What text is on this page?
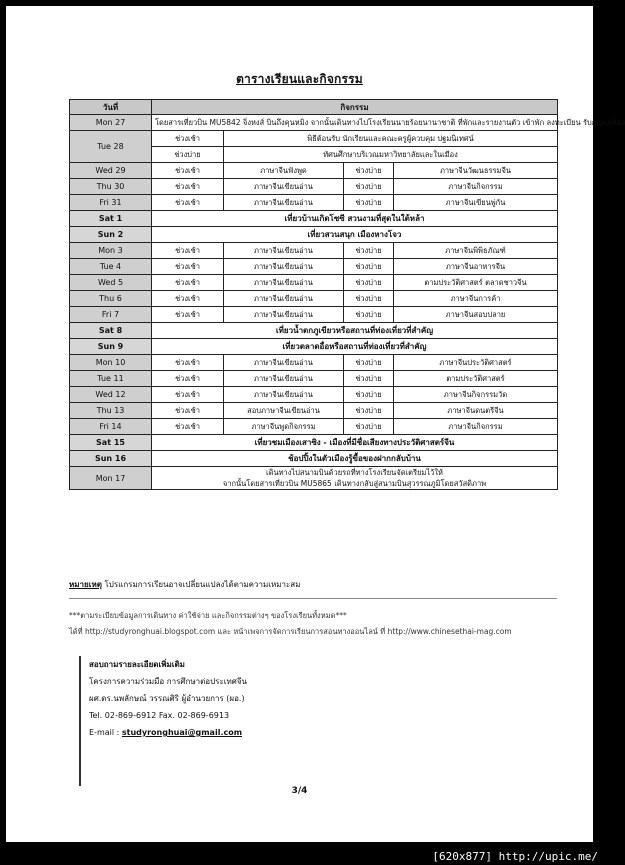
ตารางเรียนและกิจกรรม
วันที่	กิจกรรม			
Mon 27	โดยสารเที่ยวบิน MU5842 จิ่งหงส์ บินถึงคุนหมิง จากนั้นเดินทางไปโรงเรียนนายร้อยนานาชาติ ที่พักและรายงานตัว เข้าพัก ลงทะเบียน รับกุญแจห้อง			
Tue 28	ช่วงเช้า	พิธีต้อนรับ นักเรียนและคณะครูผู้ควบคุม ปฐมนิเทศน์		
	ช่วงบ่าย	ทัศนศึกษาบริเวณมหาวิทยาลัยและในเมือง		
Wed 29	ช่วงเช้า	ภาษาจีนฟังพูด	ช่วงบ่าย	ภาษาจีนวัฒนธรรมจีน
Thu 30	ช่วงเช้า	ภาษาจีนเขียนอ่าน	ช่วงบ่าย	ภาษาจีนกิจกรรม
Fri 31	ช่วงเช้า	ภาษาจีนเขียนอ่าน	ช่วงบ่าย	ภาษาจีนเขียนพู่กัน
Sat 1	เที่ยวบ้านเกิดโซซี สวนงามที่สุดในใต้หล้า			
Sun 2	เที่ยวสวนสนุก เมืองหางโจว			
Mon 3	ช่วงเช้า	ภาษาจีนเขียนอ่าน	ช่วงบ่าย	ภาษาจีนพิพิธภัณฑ์
Tue 4	ช่วงเช้า	ภาษาจีนเขียนอ่าน	ช่วงบ่าย	ภาษาจีนอาหารจีน
Wed 5	ช่วงเช้า	ภาษาจีนเขียนอ่าน	ช่วงบ่าย	ตามประวัติศาสตร์ ตลาดชาวจีน
Thu 6	ช่วงเช้า	ภาษาจีนเขียนอ่าน	ช่วงบ่าย	ภาษาจีนการค้า
Fri 7	ช่วงเช้า	ภาษาจีนเขียนอ่าน	ช่วงบ่าย	ภาษาจีนสอบปลาย
Sat 8	เที่ยวน้ำตกภูเขียวหรือสถานที่ท่องเที่ยวที่สำคัญ			
Sun 9	เที่ยวตลาดอื่อหรือสถานที่ท่องเที่ยวที่สำคัญ			
Mon 10	ช่วงเช้า	ภาษาจีนเขียนอ่าน	ช่วงบ่าย	ภาษาจีนประวัติศาสตร์
Tue 11	ช่วงเช้า	ภาษาจีนเขียนอ่าน	ช่วงบ่าย	ตามประวัติศาสตร์
Wed 12	ช่วงเช้า	ภาษาจีนเขียนอ่าน	ช่วงบ่าย	ภาษาจีนกิจกรรมวัด
Thu 13	ช่วงเช้า	สอบภาษาจีนเขียนอ่าน	ช่วงบ่าย	ภาษาจีนดนตรีจีน
Fri 14	ช่วงเช้า	ภาษาจีนพูดกิจกรรม	ช่วงบ่าย	ภาษาจีนกิจกรรม
Sat 15	เที่ยวชมเมืองเสาซิง - เมืองที่มีชื่อเสียงทางประวัติศาสตร์จีน			
Sun 16	ช้อปปิ้งในตัวเมืองรู้ขื้อของฝากกลับบ้าน			
Mon 17	เดินทางไปสนามบินด้วยรถที่ทางโรงเรียนจัดเตรียมไว้ให้
จากนั้นโดยสารเที่ยวบิน MU5865 เดินทางกลับสู่สนามบินสุวรรณภูมิโดยสวัสดิภาพ			
หมายเหตุ โปรแกรมการเรียนอาจเปลี่ยนแปลงได้ตามความเหมาะสม
***ตามระเบียบข้อมูลการเดินทาง ค่าใช้จ่าย และกิจกรรมต่างๆ ของโรงเรียนทั้งหมด***
ได้ที่ http://studyronghuai.blogspot.com และ หน้าเพจการจัดการเรียนการสอนทางออนไลน์ ที่ http://www.chinesethai-mag.com
สอบถามรายละเอียดเพิ่มเติม
โครงการความร่วมมือ การศึกษาต่อประเทศจีน
ผศ.ดร.นพลักษณ์ วรรณศิริ ผู้อำนวยการ (ผอ.)
Tel. 02-869-6912 Fax. 02-869-6913
E-mail : studyronghuai@gmail.com
3/4
[620x877] http://upic.me/
